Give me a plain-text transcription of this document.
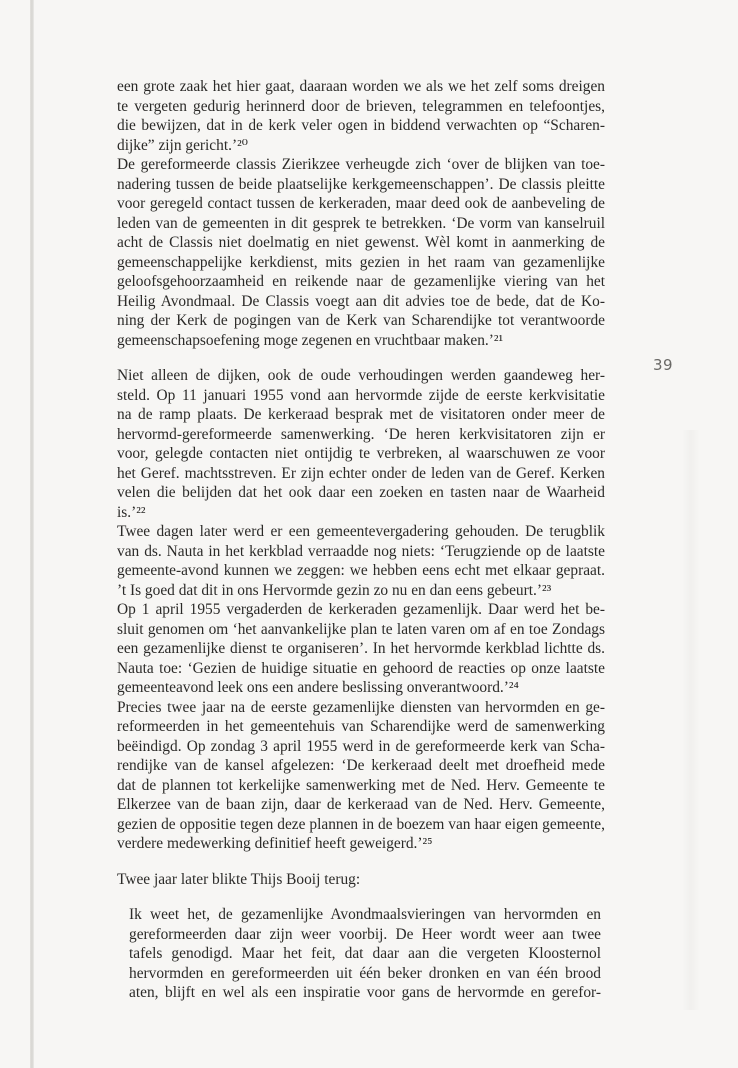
39
een grote zaak het hier gaat, daaraan worden we als we het zelf soms dreigen
te vergeten gedurig herinnerd door de brieven, telegrammen en telefoontjes,
die bewijzen, dat in de kerk veler ogen in biddend verwachten op “Scharen-
dijke” zijn gericht.’²⁰
De gereformeerde classis Zierikzee verheugde zich ‘over de blijken van toe-
nadering tussen de beide plaatselijke kerkgemeenschappen’. De classis pleitte
voor geregeld contact tussen de kerkeraden, maar deed ook de aanbeveling de
leden van de gemeenten in dit gesprek te betrekken. ‘De vorm van kanselruil
acht de Classis niet doelmatig en niet gewenst. Wèl komt in aanmerking de
gemeenschappelijke kerkdienst, mits gezien in het raam van gezamenlijke
geloofsgehoorzaamheid en reikende naar de gezamenlijke viering van het
Heilig Avondmaal. De Classis voegt aan dit advies toe de bede, dat de Ko-
ning der Kerk de pogingen van de Kerk van Scharendijke tot verantwoorde
gemeenschapsoefening moge zegenen en vruchtbaar maken.’²¹
Niet alleen de dijken, ook de oude verhoudingen werden gaandeweg her-
steld. Op 11 januari 1955 vond aan hervormde zijde de eerste kerkvisitatie
na de ramp plaats. De kerkeraad besprak met de visitatoren onder meer de
hervormd-gereformeerde samenwerking. ‘De heren kerkvisitatoren zijn er
voor, gelegde contacten niet ontijdig te verbreken, al waarschuwen ze voor
het Geref. machtsstreven. Er zijn echter onder de leden van de Geref. Kerken
velen die belijden dat het ook daar een zoeken en tasten naar de Waarheid
is.’²²
Twee dagen later werd er een gemeentevergadering gehouden. De terugblik
van ds. Nauta in het kerkblad verraadde nog niets: ‘Terugziende op de laatste
gemeente-avond kunnen we zeggen: we hebben eens echt met elkaar gepraat.
’t Is goed dat dit in ons Hervormde gezin zo nu en dan eens gebeurt.’²³
Op 1 april 1955 vergaderden de kerkeraden gezamenlijk. Daar werd het be-
sluit genomen om ‘het aanvankelijke plan te laten varen om af en toe Zondags
een gezamenlijke dienst te organiseren’. In het hervormde kerkblad lichtte ds.
Nauta toe: ‘Gezien de huidige situatie en gehoord de reacties op onze laatste
gemeenteavond leek ons een andere beslissing onverantwoord.’²⁴
Precies twee jaar na de eerste gezamenlijke diensten van hervormden en ge-
reformeerden in het gemeentehuis van Scharendijke werd de samenwerking
beëindigd. Op zondag 3 april 1955 werd in de gereformeerde kerk van Scha-
rendijke van de kansel afgelezen: ‘De kerkeraad deelt met droefheid mede
dat de plannen tot kerkelijke samenwerking met de Ned. Herv. Gemeente te
Elkerzee van de baan zijn, daar de kerkeraad van de Ned. Herv. Gemeente,
gezien de oppositie tegen deze plannen in de boezem van haar eigen gemeente,
verdere medewerking definitief heeft geweigerd.’²⁵
Twee jaar later blikte Thijs Booij terug:
Ik weet het, de gezamenlijke Avondmaalsvieringen van hervormden en
gereformeerden daar zijn weer voorbij. De Heer wordt weer aan twee
tafels genodigd. Maar het feit, dat daar aan die vergeten Kloosternol
hervormden en gereformeerden uit één beker dronken en van één brood
aten, blijft en wel als een inspiratie voor gans de hervormde en gerefor-
